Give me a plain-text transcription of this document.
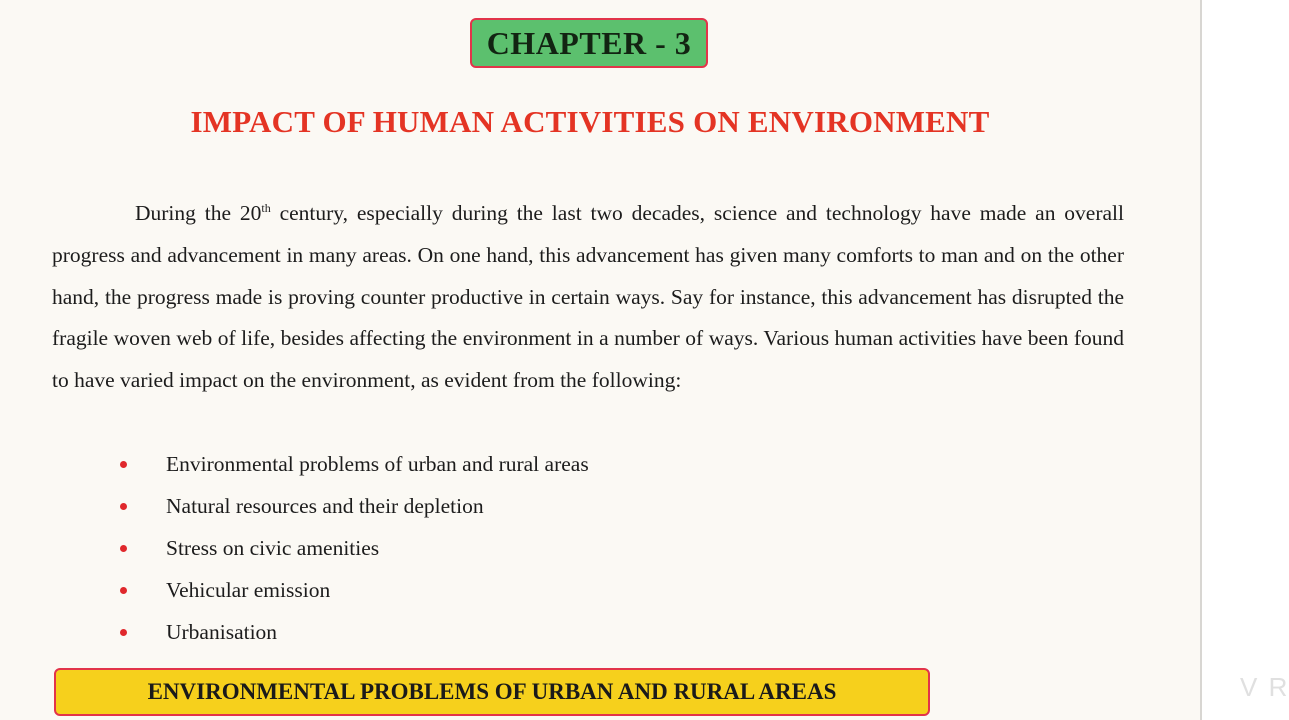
CHAPTER - 3
IMPACT OF HUMAN ACTIVITIES ON ENVIRONMENT

During the 20th century, especially during the last two decades, science and technology have made an overall progress and advancement in many areas. On one hand, this advancement has given many comforts to man and on the other hand, the progress made is proving counter productive in certain ways. Say for instance, this advancement has disrupted the fragile woven web of life, besides affecting the environment in a number of ways. Various human activities have been found to have varied impact on the environment, as evident from the following:

Environmental problems of urban and rural areas
Natural resources and their depletion
Stress on civic amenities
Vehicular emission
Urbanisation
ENVIRONMENTAL PROBLEMS OF URBAN AND RURAL AREAS	V R
